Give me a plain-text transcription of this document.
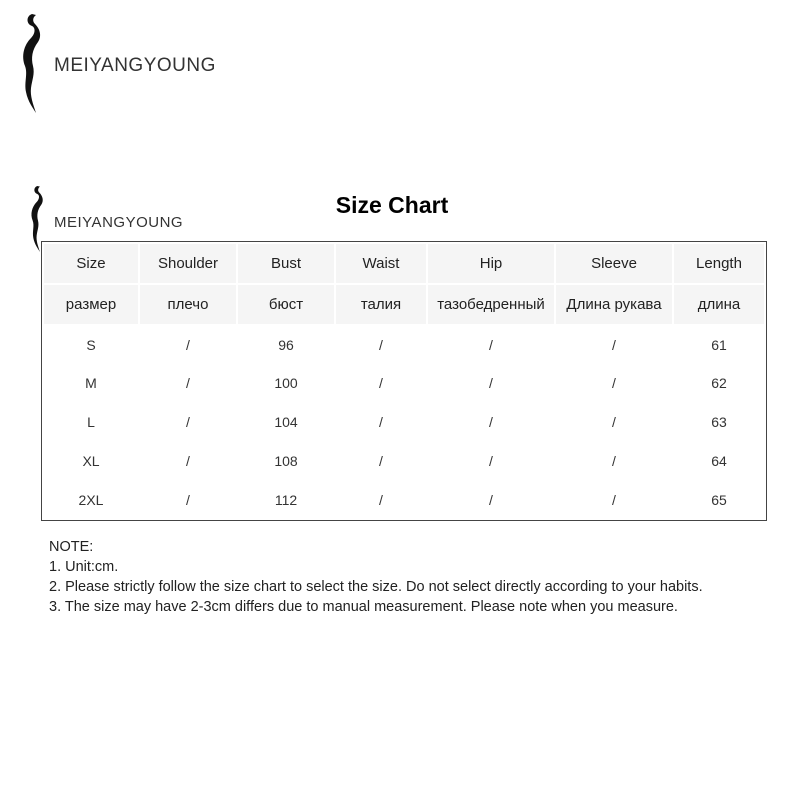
MEIYANGYOUNG
MEIYANGYOUNG
Size Chart
Size	Shoulder	Bust	Waist	Hip	Sleeve	Length
размер	плечо	бюст	талия	тазобедренный	Длина рукава	длина
S	/	96	/	/	/	61
M	/	100	/	/	/	62
L	/	104	/	/	/	63
XL	/	108	/	/	/	64
2XL	/	112	/	/	/	65
NOTE:
1. Unit:cm.
2. Please strictly follow the size chart to select the size. Do not select directly according to your habits.
3. The size may have 2-3cm differs due to manual measurement. Please note when you measure.
